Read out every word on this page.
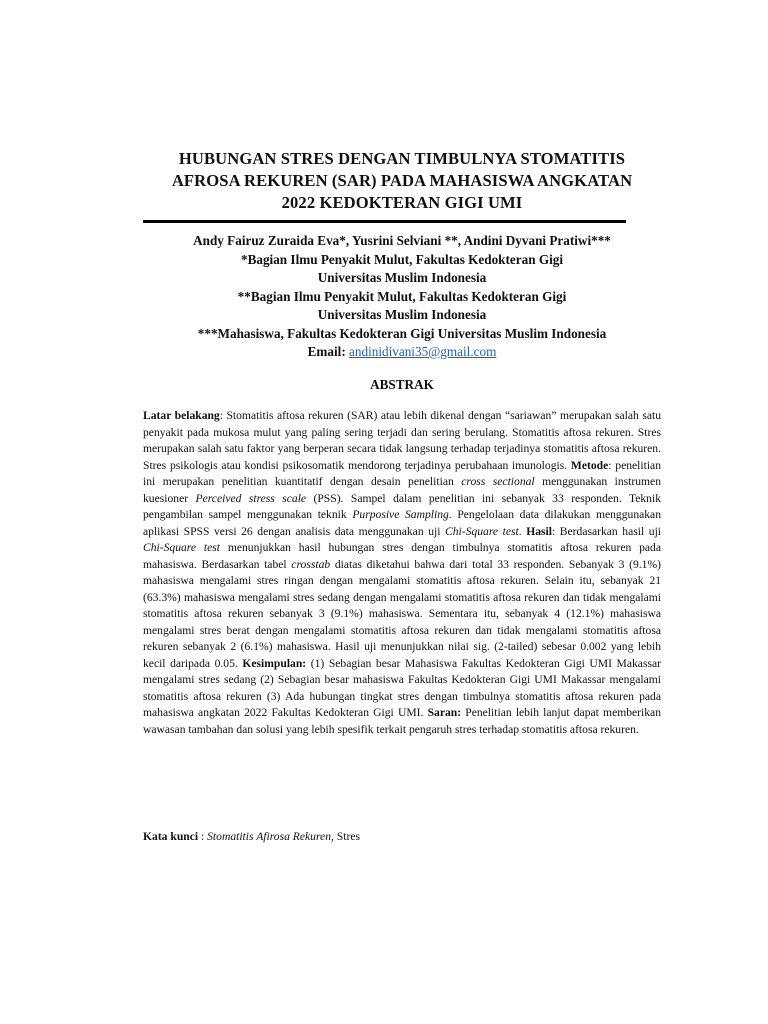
HUBUNGAN STRES DENGAN TIMBULNYA STOMATITIS
AFROSA REKUREN (SAR) PADA MAHASISWA ANGKATAN
2022 KEDOKTERAN GIGI UMI
Andy Fairuz Zuraida Eva*, Yusrini Selviani **, Andini Dyvani Pratiwi***
*Bagian Ilmu Penyakit Mulut, Fakultas Kedokteran Gigi
Universitas Muslim Indonesia
**Bagian Ilmu Penyakit Mulut, Fakultas Kedokteran Gigi
Universitas Muslim Indonesia
***Mahasiswa, Fakultas Kedokteran Gigi Universitas Muslim Indonesia
Email: andinidivani35@gmail.com
ABSTRAK
Latar belakang: Stomatitis aftosa rekuren (SAR) atau lebih dikenal dengan “sariawan” merupakan salah satu penyakit pada mukosa mulut yang paling sering terjadi dan sering berulang. Stomatitis aftosa rekuren. Stres merupakan salah satu faktor yang berperan secara tidak langsung terhadap terjadinya stomatitis aftosa rekuren. Stres psikologis atau kondisi psikosomatik mendorong terjadinya perubahaan imunologis. Metode: penelitian ini merupakan penelitian kuantitatif dengan desain penelitian cross sectional menggunakan instrumen kuesioner Perceived stress scale (PSS). Sampel dalam penelitian ini sebanyak 33 responden. Teknik pengambilan sampel menggunakan teknik Purposive Sampling. Pengelolaan data dilakukan menggunakan aplikasi SPSS versi 26 dengan analisis data menggunakan uji Chi-Square test. Hasil: Berdasarkan hasil uji Chi-Square test menunjukkan hasil hubungan stres dengan timbulnya stomatitis aftosa rekuren pada mahasiswa. Berdasarkan tabel crosstab diatas diketahui bahwa dari total 33 responden. Sebanyak 3 (9.1%) mahasiswa mengalami stres ringan dengan mengalami stomatitis aftosa rekuren. Selain itu, sebanyak 21 (63.3%) mahasiswa mengalami stres sedang dengan mengalami stomatitis aftosa rekuren dan tidak mengalami stomatitis aftosa rekuren sebanyak 3 (9.1%) mahasiswa. Sementara itu, sebanyak 4 (12.1%) mahasiswa mengalami stres berat dengan mengalami stomatitis aftosa rekuren dan tidak mengalami stomatitis aftosa rekuren sebanyak 2 (6.1%) mahasiswa. Hasil uji menunjukkan nilai sig. (2-tailed) sebesar 0.002 yang lebih kecil daripada 0.05. Kesimpulan: (1) Sebagian besar Mahasiswa Fakultas Kedokteran Gigi UMI Makassar mengalami stres sedang (2) Sebagian besar mahasiswa Fakultas Kedokteran Gigi UMI Makassar mengalami stomatitis aftosa rekuren (3) Ada hubungan tingkat stres dengan timbulnya stomatitis aftosa rekuren pada mahasiswa angkatan 2022 Fakultas Kedokteran Gigi UMI. Saran: Penelitian lebih lanjut dapat memberikan wawasan tambahan dan solusi yang lebih spesifik terkait pengaruh stres terhadap stomatitis aftosa rekuren.
Kata kunci : Stomatitis Afirosa Rekuren, Stres
